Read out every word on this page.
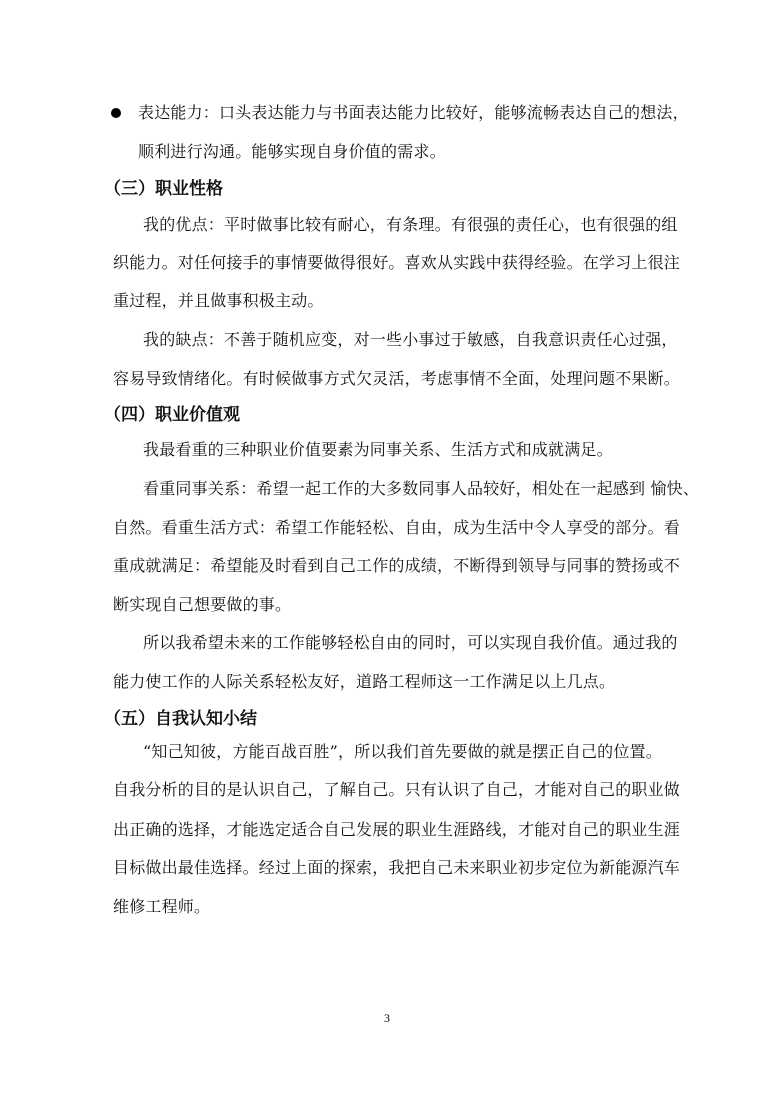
表达能力：口头表达能力与书面表达能力比较好，能够流畅表达自己的想法，
顺利进行沟通。能够实现自身价值的需求。
（三）职业性格
我的优点：平时做事比较有耐心，有条理。有很强的责任心，也有很强的组
织能力。对任何接手的事情要做得很好。喜欢从实践中获得经验。在学习上很注
重过程，并且做事积极主动。
我的缺点：不善于随机应变，对一些小事过于敏感，自我意识责任心过强，
容易导致情绪化。有时候做事方式欠灵活，考虑事情不全面，处理问题不果断。
（四）职业价值观
我最看重的三种职业价值要素为同事关系、生活方式和成就满足。
看重同事关系：希望一起工作的大多数同事人品较好，相处在一起感到 愉快、
自然。看重生活方式：希望工作能轻松、自由，成为生活中令人享受的部分。看
重成就满足：希望能及时看到自己工作的成绩，不断得到领导与同事的赞扬或不
断实现自己想要做的事。
所以我希望未来的工作能够轻松自由的同时，可以实现自我价值。通过我的
能力使工作的人际关系轻松友好，道路工程师这一工作满足以上几点。
（五）自我认知小结
“知己知彼，方能百战百胜”，所以我们首先要做的就是摆正自己的位置。
自我分析的目的是认识自己，了解自己。只有认识了自己，才能对自己的职业做
出正确的选择，才能选定适合自己发展的职业生涯路线，才能对自己的职业生涯
目标做出最佳选择。经过上面的探索，我把自己未来职业初步定位为新能源汽车
维修工程师。
3
